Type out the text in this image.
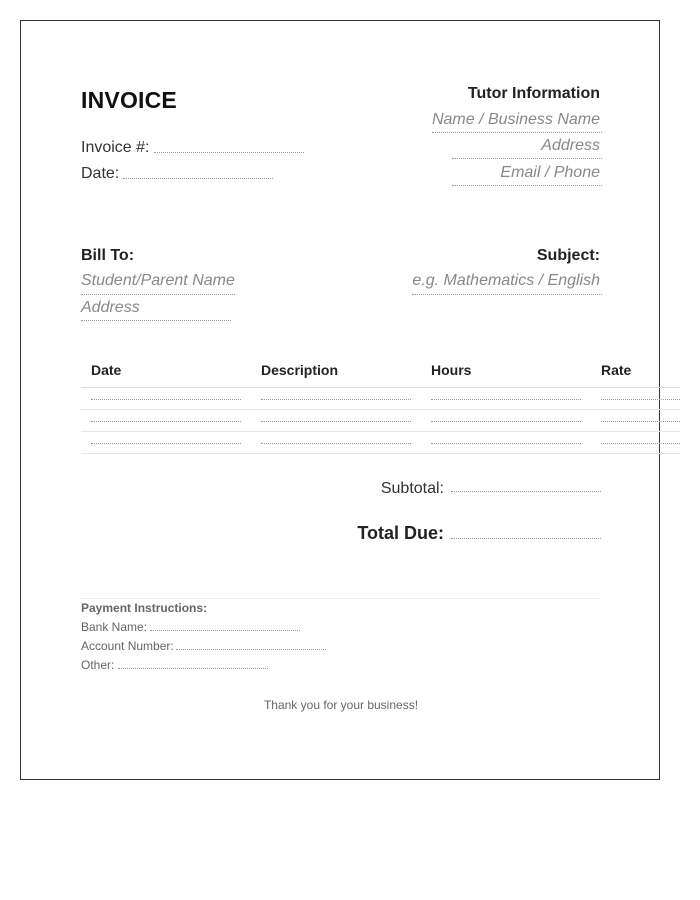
INVOICE
Invoice #:
Date:
Tutor Information
Name / Business Name
Address
Email / Phone
Bill To:
Student/Parent Name
Address
Subject:
e.g. Mathematics / English
Date	Description	Hours	Rate
Subtotal:
Total Due:
Payment Instructions:
Bank Name:
Account Number:
Other:
Thank you for your business!
